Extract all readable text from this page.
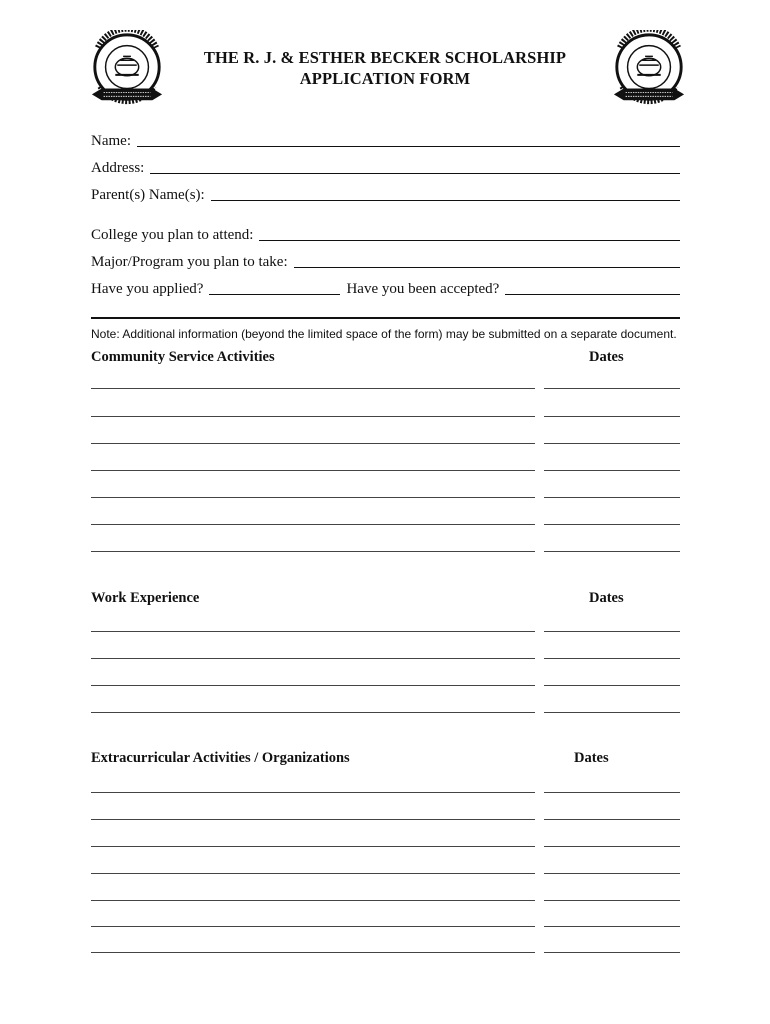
THE R. J. & ESTHER BECKER SCHOLARSHIP
APPLICATION FORM
Name:
Address:
Parent(s) Name(s):
College you plan to attend:
Major/Program you plan to take:
Have you applied?	Have you been accepted?
Note: Additional information (beyond the limited space of the form) may be submitted on a separate document.
Community Service Activities	Dates
Work Experience	Dates
Extracurricular Activities / Organizations	Dates
